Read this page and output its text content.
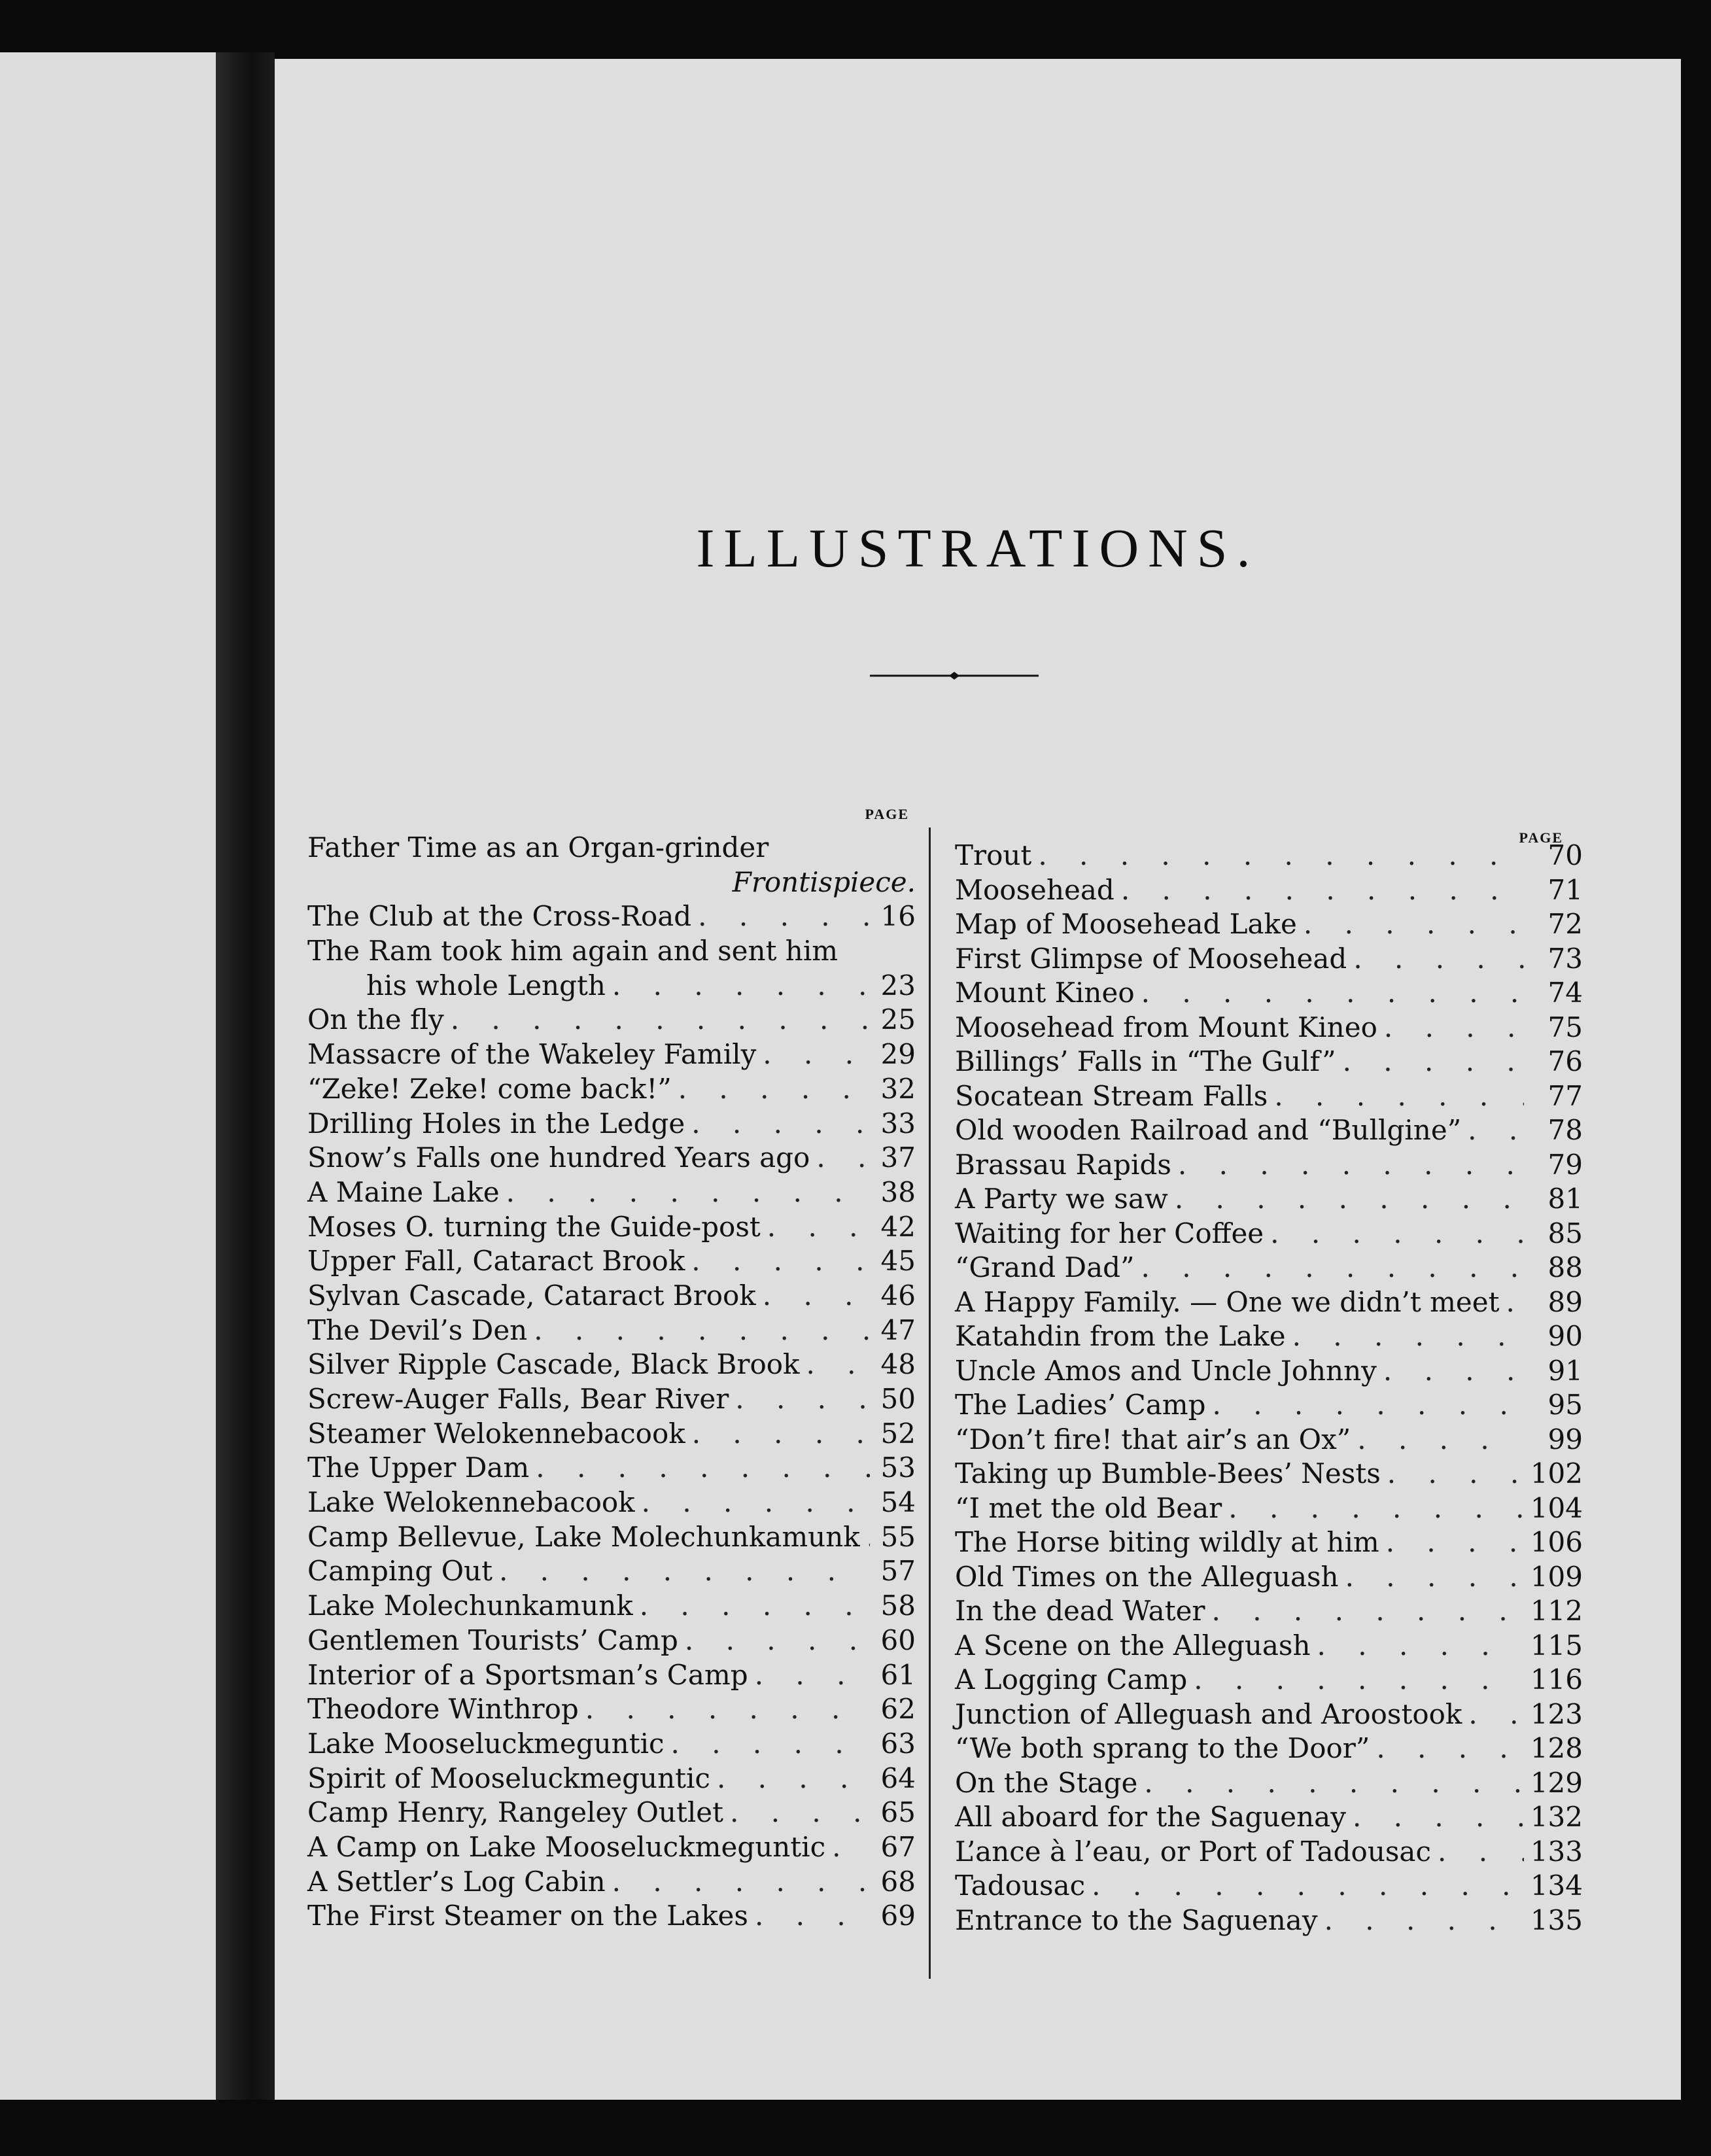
ILLUSTRATIONS.
PAGE
Father Time as an Organ-grinder
Frontispiece.
The Club at the Cross-Road . . .	16
The Ram took him again and sent him
his whole Length . . .	23
On the fly . . .	25
Massacre of the Wakeley Family . . .	29
“Zeke! Zeke! come back!” . . .	32
Drilling Holes in the Ledge . . .	33
Snow’s Falls one hundred Years ago . . .	37
A Maine Lake . . .	38
Moses O. turning the Guide-post . . .	42
Upper Fall, Cataract Brook . . .	45
Sylvan Cascade, Cataract Brook . . .	46
The Devil’s Den . . .	47
Silver Ripple Cascade, Black Brook . . .	48
Screw-Auger Falls, Bear River . . .	50
Steamer Welokennebacook . . .	52
The Upper Dam . . .	53
Lake Welokennebacook . . .	54
Camp Bellevue, Lake Molechunkamunk . . . 55
Camping Out . . .	57
Lake Molechunkamunk . . .	58
Gentlemen Tourists’ Camp . . .	60
Interior of a Sportsman’s Camp . . .	61
Theodore Winthrop . . .	62
Lake Mooseluckmeguntic . . .	63
Spirit of Mooseluckmeguntic . . .	64
Camp Henry, Rangeley Outlet . . .	65
A Camp on Lake Mooseluckmeguntic . . . 67
A Settler’s Log Cabin . . .	68
The First Steamer on the Lakes . . .	69
PAGE
Trout . . .	70
Moosehead . . .	71
Map of Moosehead Lake . . .	72
First Glimpse of Moosehead . . .	73
Mount Kineo . . .	74
Moosehead from Mount Kineo . . .	75
Billings’ Falls in “The Gulf” . . .	76
Socatean Stream Falls . . .	77
Old wooden Railroad and “Bullgine” . . .	78
Brassau Rapids . . .	79
A Party we saw . . .	81
Waiting for her Coffee . . .	85
“Grand Dad” . . .	88
A Happy Family. — One we didn’t meet . . .	89
Katahdin from the Lake . . .	90
Uncle Amos and Uncle Johnny . . .	91
The Ladies’ Camp . . .	95
“Don’t fire! that air’s an Ox” . . .	99
Taking up Bumble-Bees’ Nests . . .	102
“I met the old Bear . . .	104
The Horse biting wildly at him . . .	106
Old Times on the Alleguash . . .	109
In the dead Water . . .	112
A Scene on the Alleguash . . .	115
A Logging Camp . . .	116
Junction of Alleguash and Aroostook . . . 123
“We both sprang to the Door” . . .	128
On the Stage . . .	129
All aboard for the Saguenay . . .	132
L’ance à l’eau, or Port of Tadousac . . .	133
Tadousac . . .	134
Entrance to the Saguenay . . .	135
